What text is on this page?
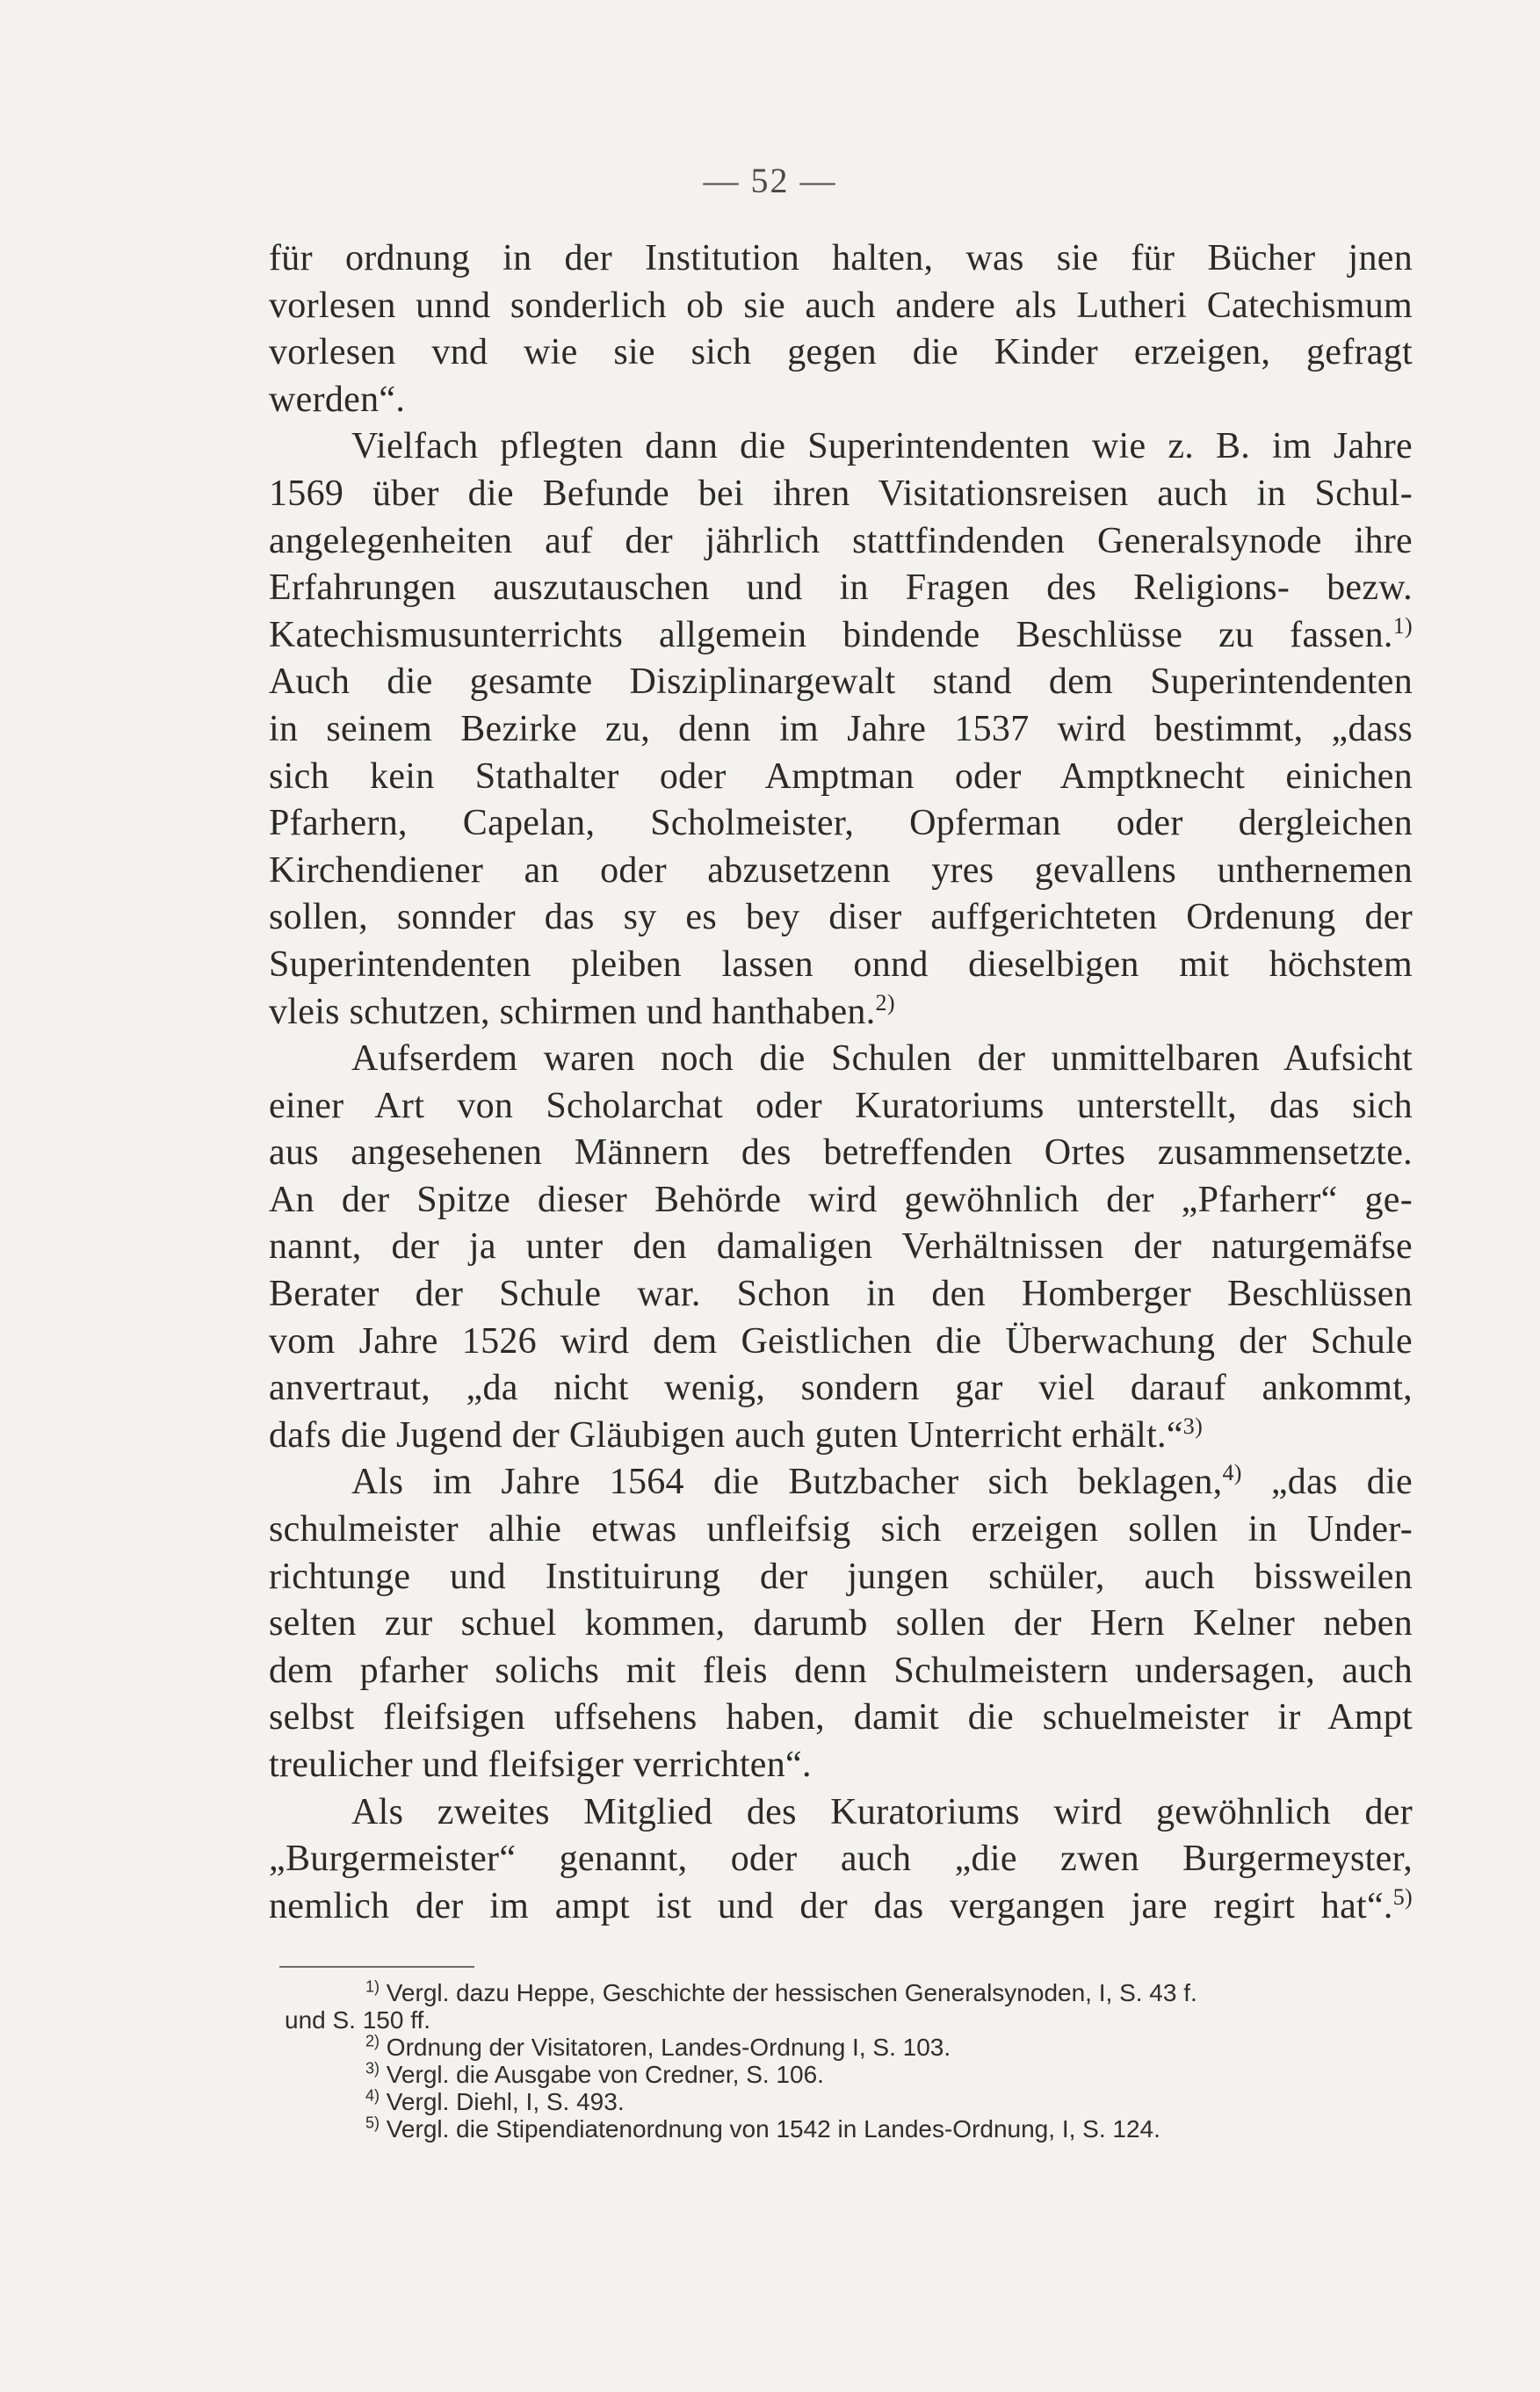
— 52 —
für ordnung in der Institution halten, was sie für Bücher jnen
vorlesen unnd sonderlich ob sie auch andere als Lutheri Catechismum
vorlesen vnd wie sie sich gegen die Kinder erzeigen, gefragt
werden“.
Vielfach pflegten dann die Superintendenten wie z. B. im Jahre
1569 über die Befunde bei ihren Visitationsreisen auch in Schul-
angelegenheiten auf der jährlich stattfindenden Generalsynode ihre
Erfahrungen auszutauschen und in Fragen des Religions- bezw.
Katechismusunterrichts allgemein bindende Beschlüsse zu fassen.$^{1)}$
Auch die gesamte Disziplinargewalt stand dem Superintendenten
in seinem Bezirke zu, denn im Jahre 1537 wird bestimmt, „dass
sich kein Stathalter oder Amptman oder Amptknecht einichen
Pfarhern, Capelan, Scholmeister, Opferman oder dergleichen
Kirchendiener an oder abzusetzenn yres gevallens unthernemen
sollen, sonnder das sy es bey diser auffgerichteten Ordenung der
Superintendenten pleiben lassen onnd dieselbigen mit höchstem
vleis schutzen, schirmen und hanthaben.$^{2)}$
Aufserdem waren noch die Schulen der unmittelbaren Aufsicht
einer Art von Scholarchat oder Kuratoriums unterstellt, das sich
aus angesehenen Männern des betreffenden Ortes zusammensetzte.
An der Spitze dieser Behörde wird gewöhnlich der „Pfarherr“ ge-
nannt, der ja unter den damaligen Verhältnissen der naturgemäfse
Berater der Schule war. Schon in den Homberger Beschlüssen
vom Jahre 1526 wird dem Geistlichen die Überwachung der Schule
anvertraut, „da nicht wenig, sondern gar viel darauf ankommt,
dafs die Jugend der Gläubigen auch guten Unterricht erhält.“$^{3)}$
Als im Jahre 1564 die Butzbacher sich beklagen,$^{4)}$ „das die
schulmeister alhie etwas unfleifsig sich erzeigen sollen in Under-
richtunge und Instituirung der jungen schüler, auch bissweilen
selten zur schuel kommen, darumb sollen der Hern Kelner neben
dem pfarher solichs mit fleis denn Schulmeistern undersagen, auch
selbst fleifsigen uffsehens haben, damit die schuelmeister ir Ampt
treulicher und fleifsiger verrichten“.
Als zweites Mitglied des Kuratoriums wird gewöhnlich der
„Burgermeister“ genannt, oder auch „die zwen Burgermeyster,
nemlich der im ampt ist und der das vergangen jare regirt hat“.$^{5)}$
$^{1)}$ Vergl. dazu Heppe, Geschichte der hessischen Generalsynoden, I, S. 43 f.
und S. 150 ff.
$^{2)}$ Ordnung der Visitatoren, Landes-Ordnung I, S. 103.
$^{3)}$ Vergl. die Ausgabe von Credner, S. 106.
$^{4)}$ Vergl. Diehl, I, S. 493.
$^{5)}$ Vergl. die Stipendiatenordnung von 1542 in Landes-Ordnung, I, S. 124.
